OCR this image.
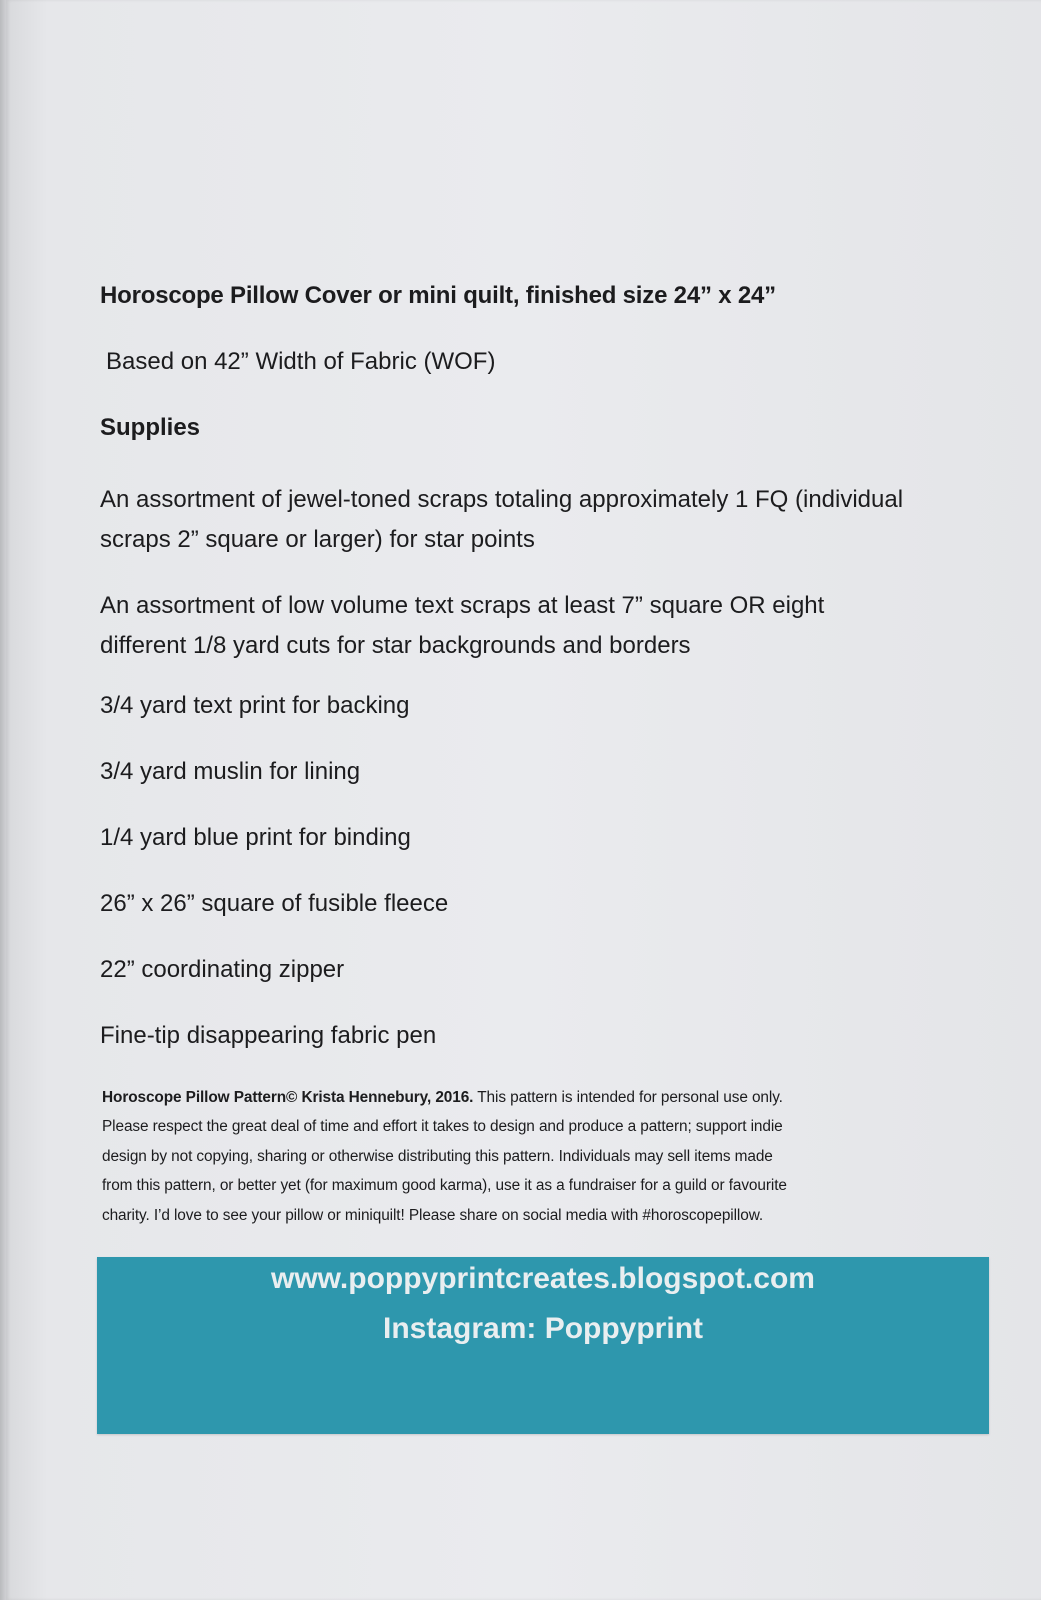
Horoscope Pillow Cover or mini quilt, finished size 24” x 24”
Based on 42” Width of Fabric (WOF)
Supplies
An assortment of jewel-toned scraps totaling approximately 1 FQ (individual
scraps 2” square or larger) for star points
An assortment of low volume text scraps at least 7” square OR eight
different 1/8 yard cuts for star backgrounds and borders
3/4 yard text print for backing
3/4 yard muslin for lining
1/4 yard blue print for binding
26” x 26” square of fusible fleece
22” coordinating zipper
Fine-tip disappearing fabric pen
Horoscope Pillow Pattern© Krista Hennebury, 2016. This pattern is intended for personal use only.
Please respect the great deal of time and effort it takes to design and produce a pattern; support indie
design by not copying, sharing or otherwise distributing this pattern. Individuals may sell items made
from this pattern, or better yet (for maximum good karma), use it as a fundraiser for a guild or favourite
charity. I’d love to see your pillow or miniquilt! Please share on social media with #horoscopepillow.
www.poppyprintcreates.blogspot.com
Instagram: Poppyprint
